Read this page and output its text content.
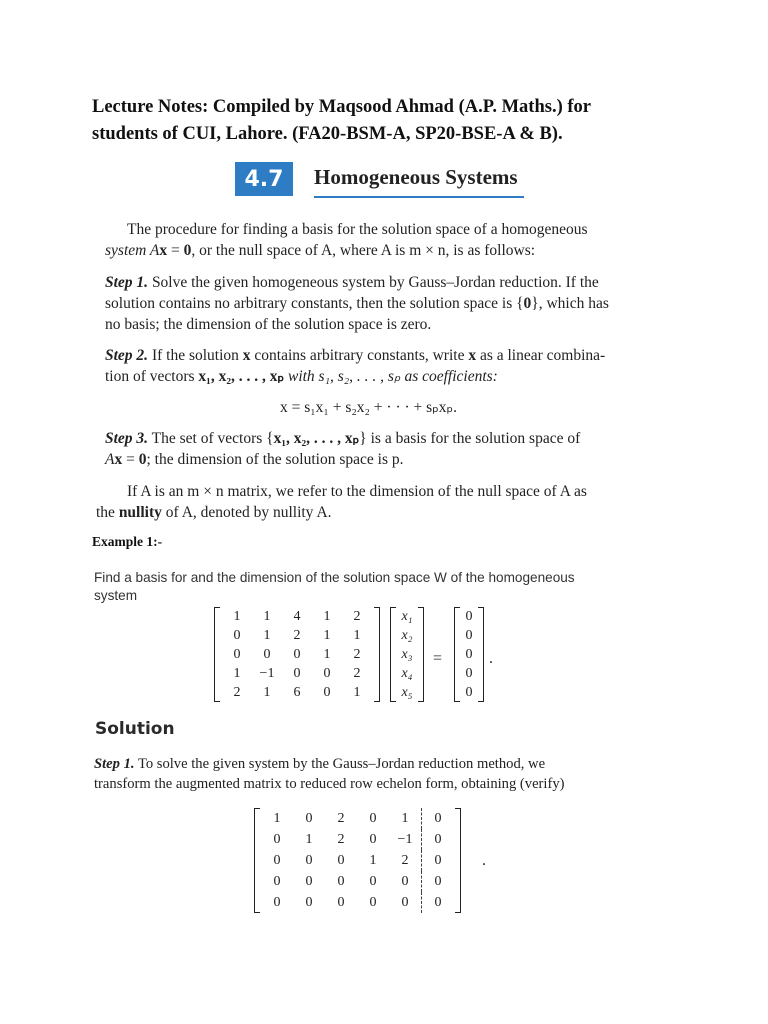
Lecture Notes: Compiled by Maqsood Ahmad (A.P. Maths.) for
students of CUI, Lahore. (FA20-BSM-A, SP20-BSE-A & B).
4.7	Homogeneous Systems
The procedure for finding a basis for the solution space of a homogeneous
system Ax = 0, or the null space of A, where A is m × n, is as follows:
Step 1. Solve the given homogeneous system by Gauss–Jordan reduction. If the
solution contains no arbitrary constants, then the solution space is {0}, which has
no basis; the dimension of the solution space is zero.
Step 2. If the solution x contains arbitrary constants, write x as a linear combina-
tion of vectors x₁, x₂, . . . , xₚ with s₁, s₂, . . . , sₚ as coefficients:
x = s₁x₁ + s₂x₂ + · · · + sₚxₚ.
Step 3. The set of vectors {x₁, x₂, . . . , xₚ} is a basis for the solution space of
Ax = 0; the dimension of the solution space is p.
If A is an m × n matrix, we refer to the dimension of the null space of A as
the nullity of A, denoted by nullity A.
Example 1:-
Find a basis for and the dimension of the solution space W of the homogeneous
system
1	1	4	1	2
0	1	2	1	1
0	0	0	1	2
1	−1	0	0	2
2	1	6	0	1
x₁
x₂
x₃
x₄
x₅
=
0
0
0
0
0
.
Solution
Step 1. To solve the given system by the Gauss–Jordan reduction method, we
transform the augmented matrix to reduced row echelon form, obtaining (verify)
1	0	2	0	1	0
0	1	2	0	−1	0
0	0	0	1	2	0
0	0	0	0	0	0
0	0	0	0	0	0
.
